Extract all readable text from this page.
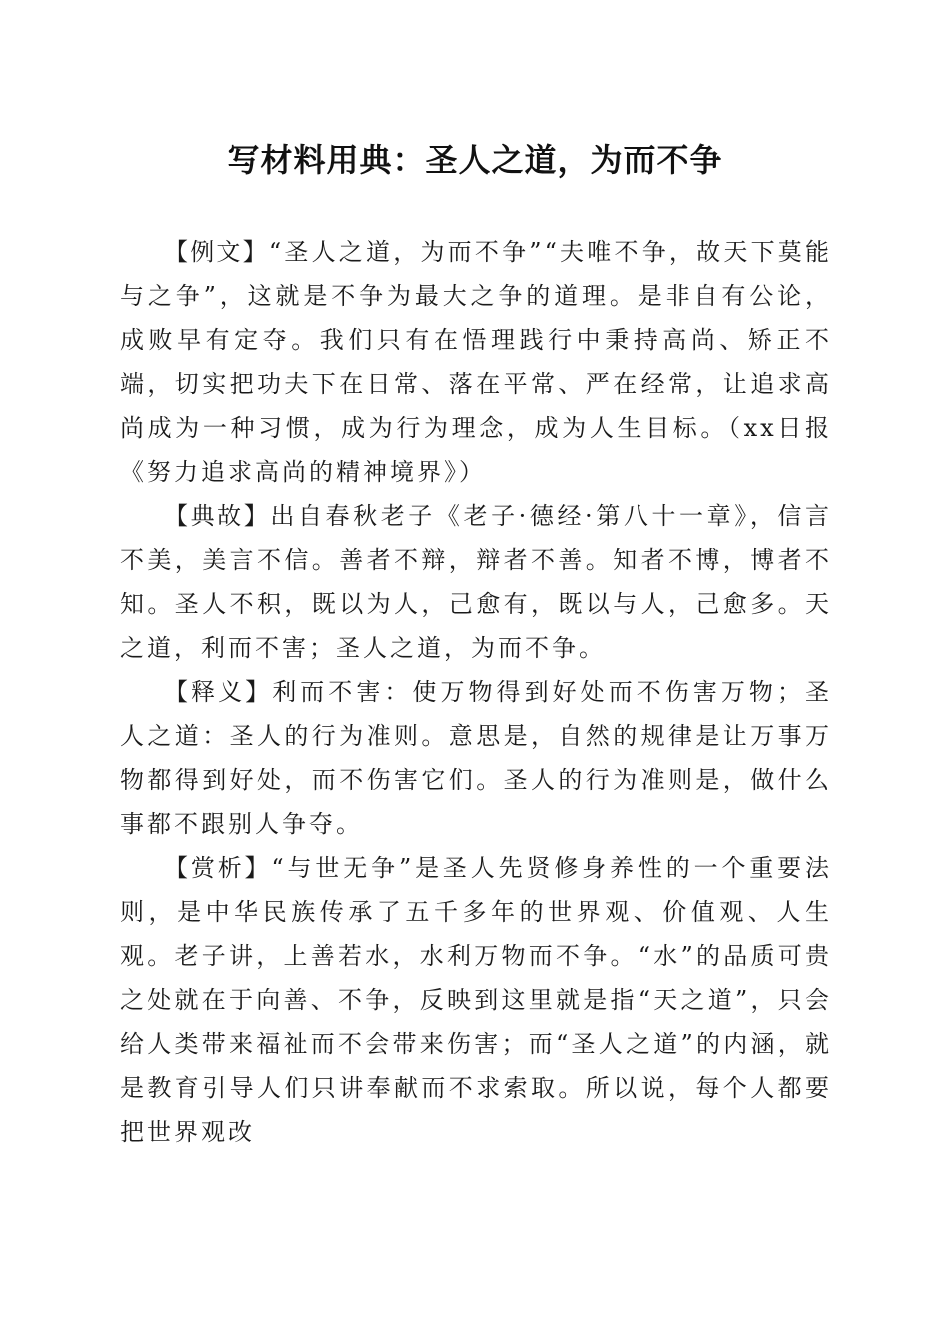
写材料用典：圣人之道，为而不争

【例文】“圣人之道，为而不争”“夫唯不争，故天下莫能与之争”，这就是不争为最大之争的道理。是非自有公论，成败早有定夺。我们只有在悟理践行中秉持高尚、矫正不端，切实把功夫下在日常、落在平常、严在经常，让追求高尚成为一种习惯，成为行为理念，成为人生目标。（xx日报《努力追求高尚的精神境界》）

【典故】出自春秋老子《老子·德经·第八十一章》，信言不美，美言不信。善者不辩，辩者不善。知者不博，博者不知。圣人不积，既以为人，己愈有，既以与人，己愈多。天之道，利而不害；圣人之道，为而不争。

【释义】利而不害：使万物得到好处而不伤害万物；圣人之道：圣人的行为准则。意思是，自然的规律是让万事万物都得到好处，而不伤害它们。圣人的行为准则是，做什么事都不跟别人争夺。

【赏析】“与世无争”是圣人先贤修身养性的一个重要法则，是中华民族传承了五千多年的世界观、价值观、人生观。老子讲，上善若水，水利万物而不争。“水”的品质可贵之处就在于向善、不争，反映到这里就是指“天之道”，只会给人类带来福祉而不会带来伤害；而“圣人之道”的内涵，就是教育引导人们只讲奉献而不求索取。所以说，每个人都要把世界观改
